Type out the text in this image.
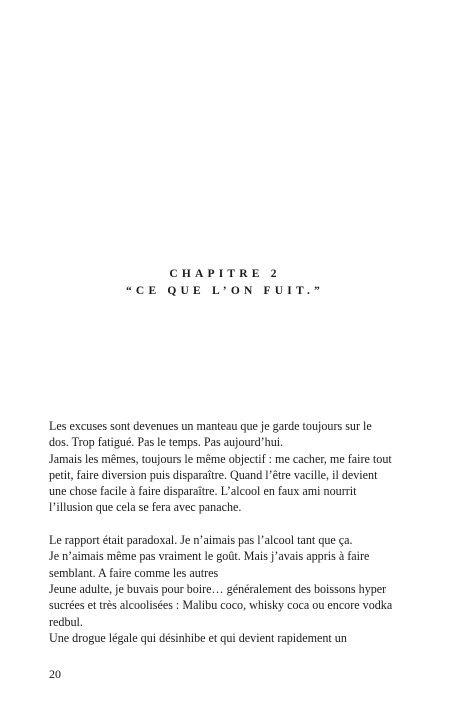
CHAPITRE 2
“CE QUE L’ON FUIT.”
Les excuses sont devenues un manteau que je garde toujours sur le
dos. Trop fatigué. Pas le temps. Pas aujourd’hui.
Jamais les mêmes, toujours le même objectif : me cacher, me faire tout
petit, faire diversion puis disparaître. Quand l’être vacille, il devient
une chose facile à faire disparaître. L’alcool en faux ami nourrit
l’illusion que cela se fera avec panache.
Le rapport était paradoxal. Je n’aimais pas l’alcool tant que ça.
Je n’aimais même pas vraiment le goût. Mais j’avais appris à faire
semblant. A faire comme les autres
Jeune adulte, je buvais pour boire… généralement des boissons hyper
sucrées et très alcoolisées : Malibu coco, whisky coca ou encore vodka
redbul.
Une drogue légale qui désinhibe et qui devient rapidement un
20
